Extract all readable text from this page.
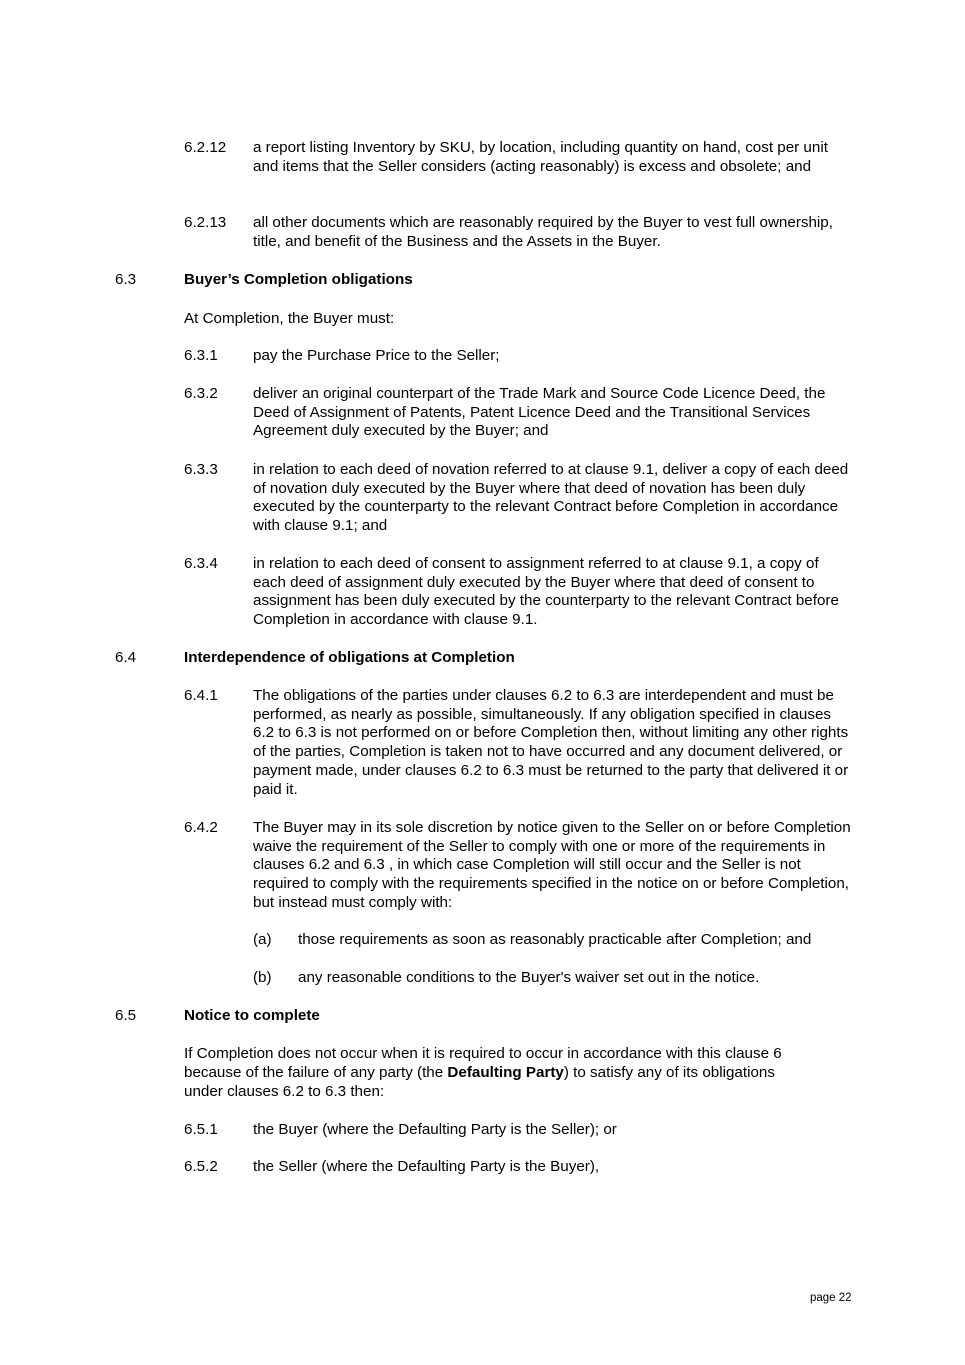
6.2.12 a report listing Inventory by SKU, by location, including quantity on hand, cost per unit and items that the Seller considers (acting reasonably) is excess and obsolete; and
6.2.13 all other documents which are reasonably required by the Buyer to vest full ownership, title, and benefit of the Business and the Assets in the Buyer.
6.3	Buyer’s Completion obligations
At Completion, the Buyer must:
6.3.1 pay the Purchase Price to the Seller;
6.3.2 deliver an original counterpart of the Trade Mark and Source Code Licence Deed, the Deed of Assignment of Patents, Patent Licence Deed and the Transitional Services Agreement duly executed by the Buyer; and
6.3.3 in relation to each deed of novation referred to at clause 9.1, deliver a copy of each deed of novation duly executed by the Buyer where that deed of novation has been duly executed by the counterparty to the relevant Contract before Completion in accordance with clause 9.1; and
6.3.4 in relation to each deed of consent to assignment referred to at clause 9.1, a copy of each deed of assignment duly executed by the Buyer where that deed of consent to assignment has been duly executed by the counterparty to the relevant Contract before Completion in accordance with clause 9.1.
6.4	Interdependence of obligations at Completion
6.4.1 The obligations of the parties under clauses 6.2 to 6.3 are interdependent and must be performed, as nearly as possible, simultaneously. If any obligation specified in clauses 6.2 to 6.3 is not performed on or before Completion then, without limiting any other rights of the parties, Completion is taken not to have occurred and any document delivered, or payment made, under clauses 6.2 to 6.3 must be returned to the party that delivered it or paid it.
6.4.2 The Buyer may in its sole discretion by notice given to the Seller on or before Completion waive the requirement of the Seller to comply with one or more of the requirements in clauses 6.2 and 6.3 , in which case Completion will still occur and the Seller is not required to comply with the requirements specified in the notice on or before Completion, but instead must comply with:
(a) those requirements as soon as reasonably practicable after Completion; and
(b) any reasonable conditions to the Buyer's waiver set out in the notice.
6.5	Notice to complete
If Completion does not occur when it is required to occur in accordance with this clause 6
because of the failure of any party (the Defaulting Party) to satisfy any of its obligations
under clauses 6.2 to 6.3 then:
6.5.1 the Buyer (where the Defaulting Party is the Seller); or
6.5.2 the Seller (where the Defaulting Party is the Buyer),
page 22
